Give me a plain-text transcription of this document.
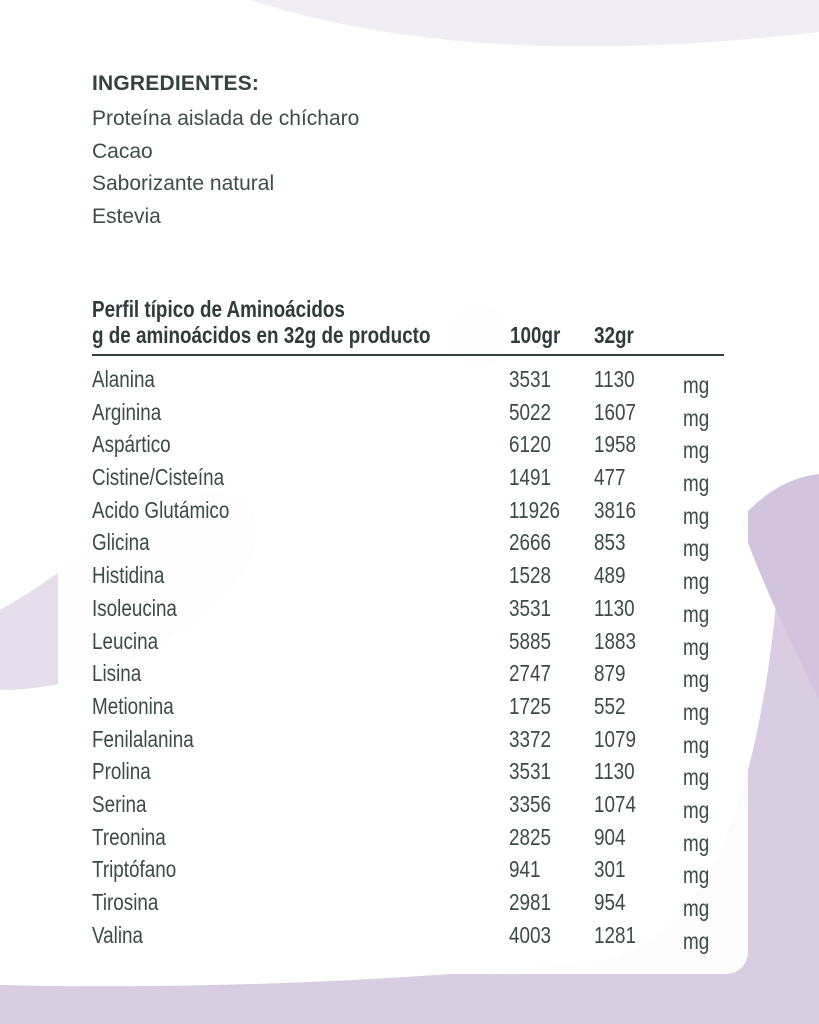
INGREDIENTES:
Proteína aislada de chícharo
Cacao
Saborizante natural
Estevia
Perfil típico de Aminoácidos
g de aminoácidos en 32g de producto	100gr 32gr
Alanina	3531 1130 mg
Arginina	5022 1607 mg
Aspártico	6120 1958 mg
Cistine/Cisteína	1491 477	mg
Acido Glutámico	11926 3816 mg
Glicina	2666 853	mg
Histidina	1528 489	mg
Isoleucina	3531 1130 mg
Leucina	5885 1883 mg
Lisina	2747 879	mg
Metionina	1725 552	mg
Fenilalanina	3372 1079 mg
Prolina	3531 1130 mg
Serina	3356 1074 mg
Treonina	2825 904	mg
Triptófano	941 301	mg
Tirosina	2981 954	mg
Valina	4003 1281 mg
